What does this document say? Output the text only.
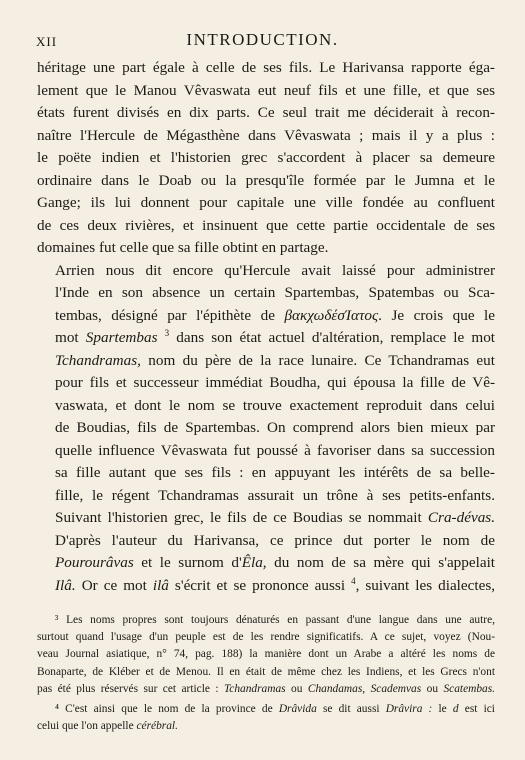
XII	INTRODUCTION.

héritage une part égale à celle de ses fils. Le Harivansa rapporte éga-
lement que le Manou Vêvaswata eut neuf fils et une fille, et que ses
états furent divisés en dix parts. Ce seul trait me déciderait à recon-
naître l'Hercule de Mégasthène dans Vêvaswata ; mais il y a plus :
le poëte indien et l'historien grec s'accordent à placer sa demeure
ordinaire dans le Doab ou la presqu'île formée par le Jumna et le
Gange; ils lui donnent pour capitale une ville fondée au confluent
de ces deux rivières, et insinuent que cette partie occidentale de ses
domaines fut celle que sa fille obtint en partage.

Arrien nous dit encore qu'Hercule avait laissé pour administrer
l'Inde en son absence un certain Spartembas, Spatembas ou Sca-
tembas, désigné par l'épithète de βακχωδέσΊατος. Je crois que le
mot Spartembas $^3$ dans son état actuel d'altération, remplace le mot
Tchandramas, nom du père de la race lunaire. Ce Tchandramas eut
pour fils et successeur immédiat Boudha, qui épousa la fille de Vê-
vaswata, et dont le nom se trouve exactement reproduit dans celui
de Boudias, fils de Spartembas. On comprend alors bien mieux par
quelle influence Vêvaswata fut poussé à favoriser dans sa succession
sa fille autant que ses fils : en appuyant les intérêts de sa belle-
fille, le régent Tchandramas assurait un trône à ses petits-enfants.
Suivant l'historien grec, le fils de ce Boudias se nommait Cra-dévas.
D'après l'auteur du Harivansa, ce prince dut porter le nom de
Pourourâvas et le surnom d'Êla, du nom de sa mère qui s'appelait
Ilâ. Or ce mot ilâ s'écrit et se prononce aussi $^4$, suivant les dialectes,

³ Les noms propres sont toujours dénaturés en passant d'une langue dans une autre,
surtout quand l'usage d'un peuple est de les rendre significatifs. A ce sujet, voyez (Nou-
veau Journal asiatique, n° 74, pag. 188) la manière dont un Arabe a altéré les noms de
Bonaparte, de Kléber et de Menou. Il en était de même chez les Indiens, et les Grecs n'ont
pas été plus réservés sur cet article : Tchandramas ou Chandamas, Scademvas ou Scatembas.

⁴ C'est ainsi que le nom de la province de Drâvida se dit aussi Drâvira : le d est ici
celui que l'on appelle cérébral.
